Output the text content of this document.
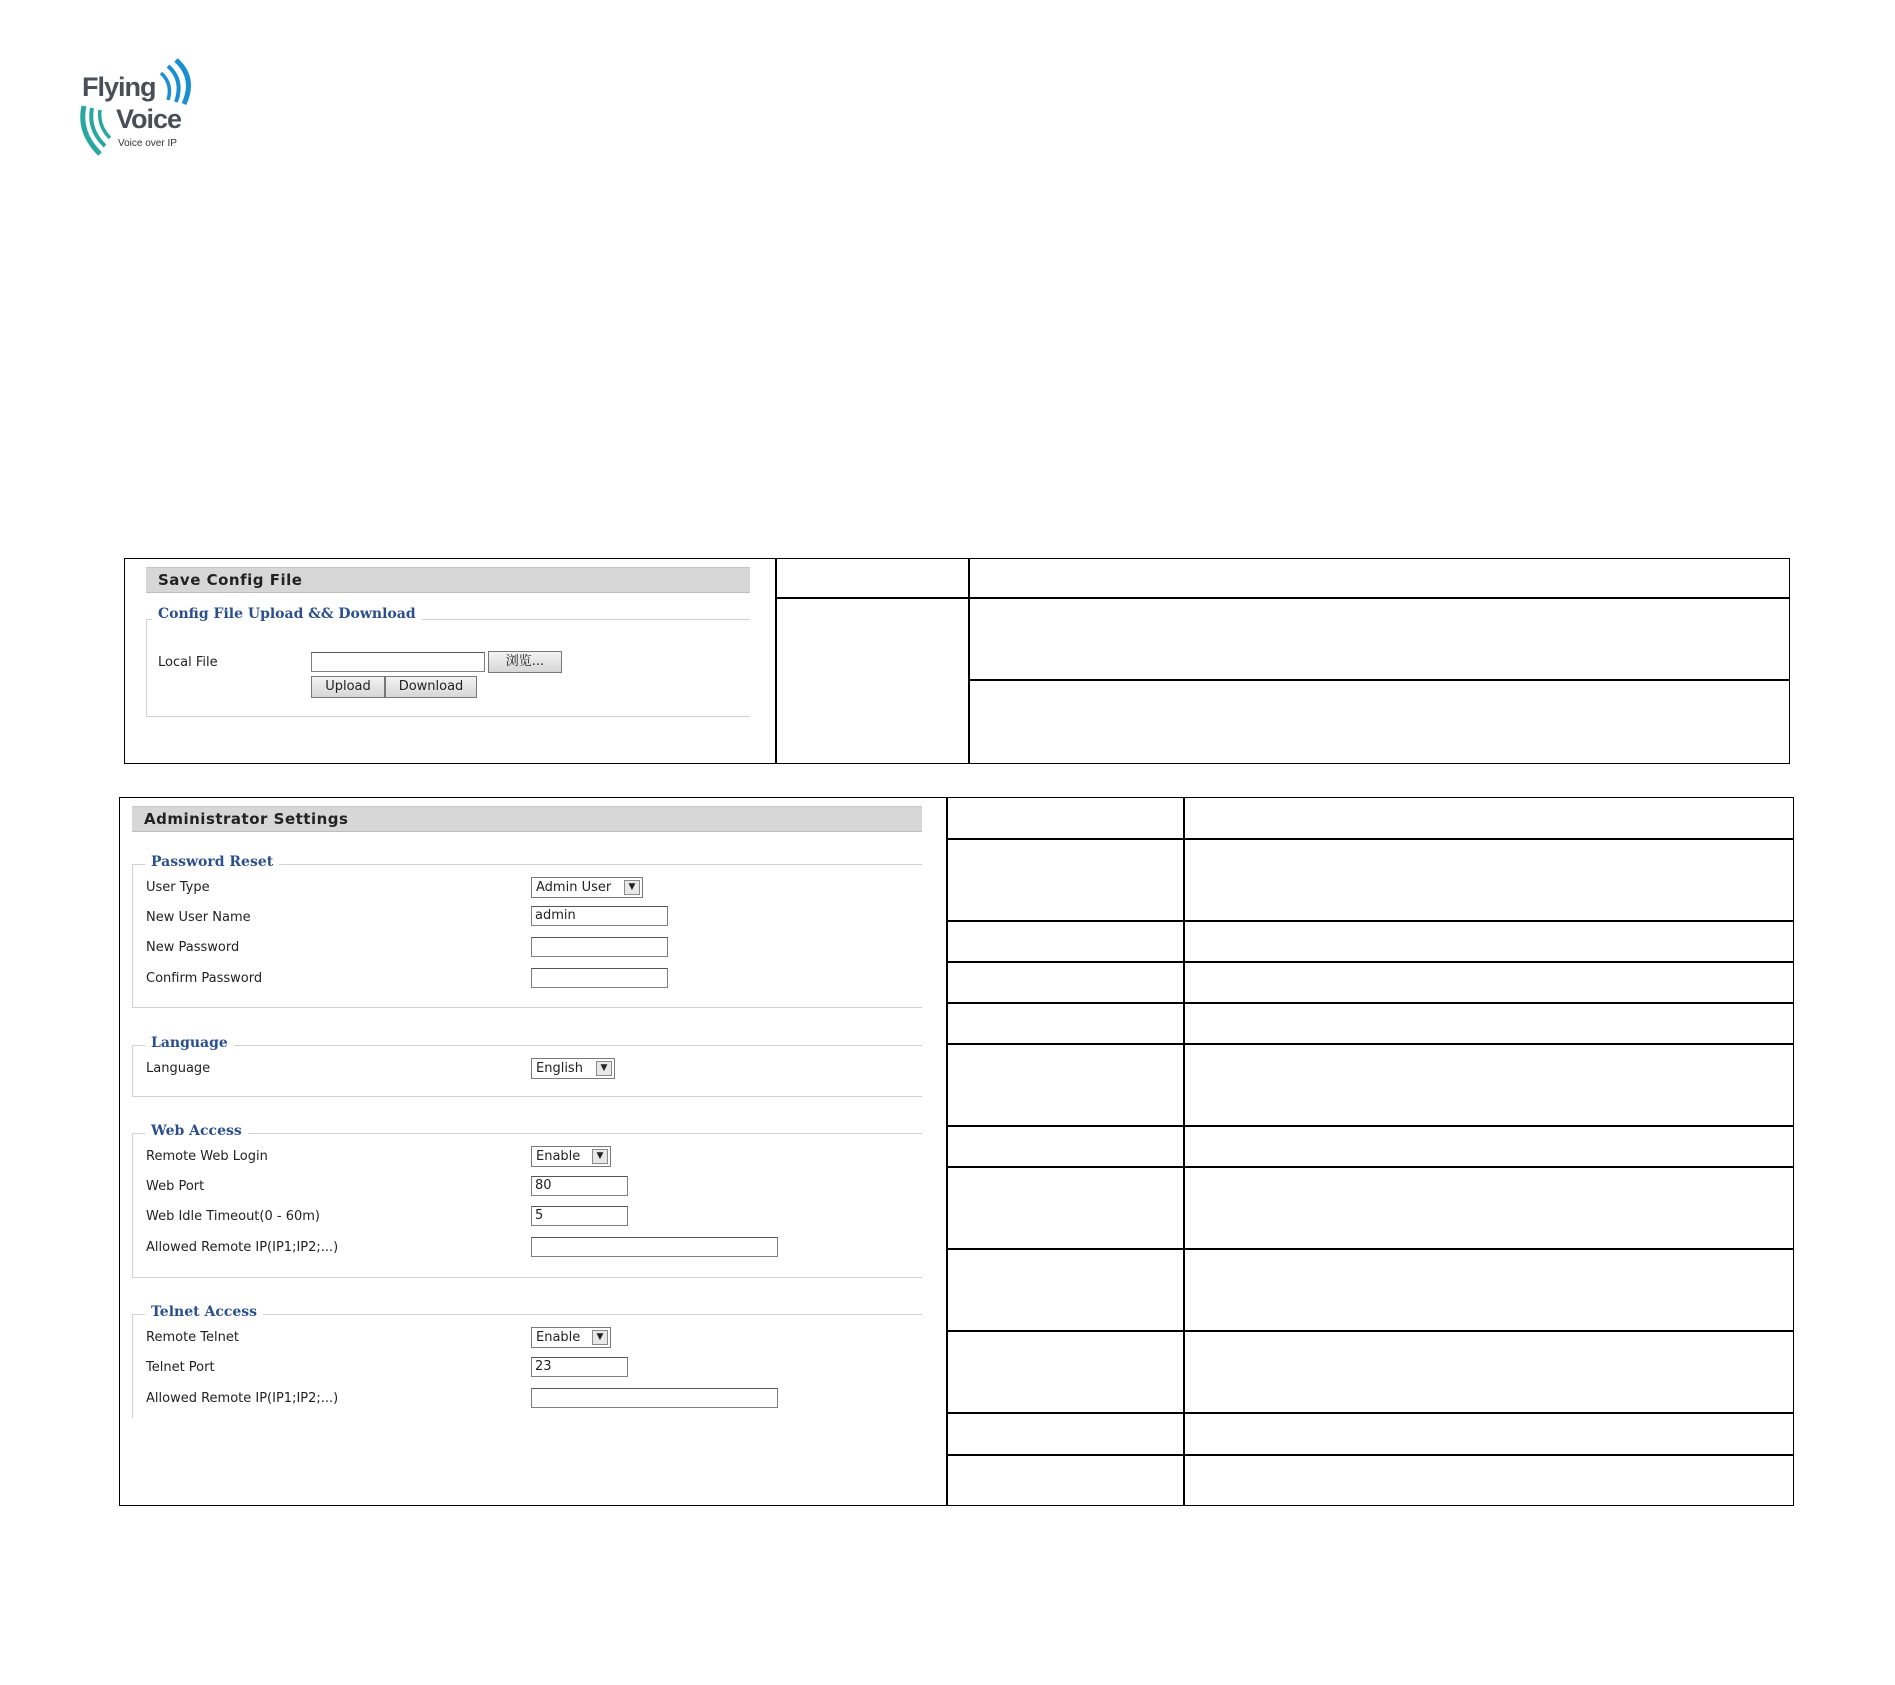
Flying
Voice
Voice over IP
Save Config File
Config File Upload && Download
Local File	浏览...
Upload	Download
Administrator Settings
Password Reset
User Type	Admin User	▼
New User Name	admin
New Password
Confirm Password
Language
Language	English	▼
Web Access
Remote Web Login	Enable	▼
Web Port	80
Web Idle Timeout(0 - 60m)	5
Allowed Remote IP(IP1;IP2;...)
Telnet Access
Remote Telnet	Enable	▼
Telnet Port	23
Allowed Remote IP(IP1;IP2;...)
